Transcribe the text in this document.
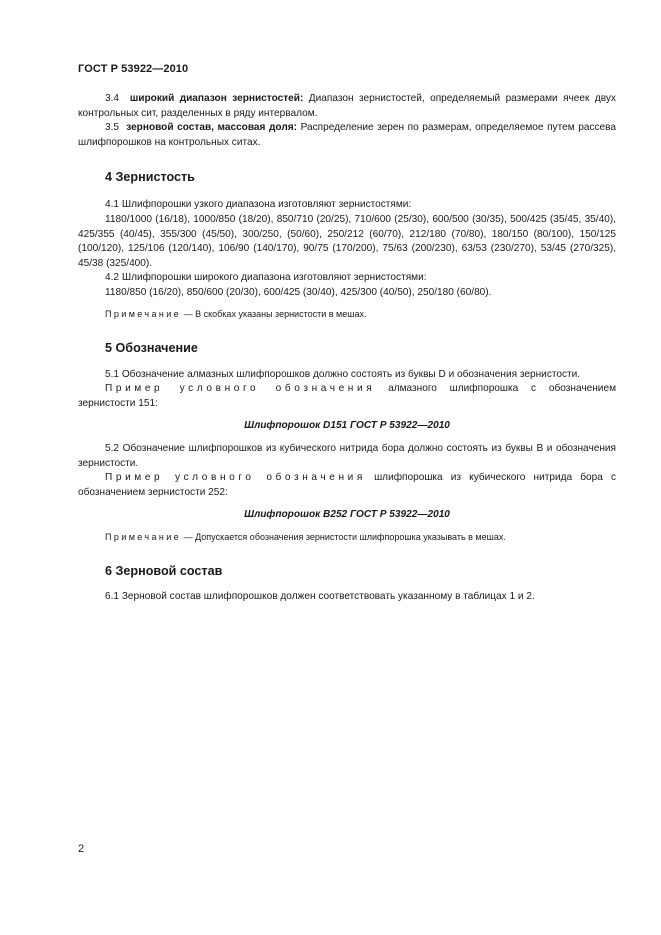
ГОСТ Р 53922—2010

3.4 широкий диапазон зернистостей: Диапазон зернистостей, определяемый размерами ячеек двух контрольных сит, разделенных в ряду интервалом.

3.5 зерновой состав, массовая доля: Распределение зерен по размерам, определяемое путем рассева шлифпорошков на контрольных ситах.

4 Зернистость

4.1 Шлифпорошки узкого диапазона изготовляют зернистостями:

1180/1000 (16/18), 1000/850 (18/20), 850/710 (20/25), 710/600 (25/30), 600/500 (30/35), 500/425 (35/45, 35/40), 425/355 (40/45), 355/300 (45/50), 300/250, (50/60), 250/212 (60/70), 212/180 (70/80), 180/150 (80/100), 150/125 (100/120), 125/106 (120/140), 106/90 (140/170), 90/75 (170/200), 75/63 (200/230), 63/53 (230/270), 53/45 (270/325), 45/38 (325/400).

4.2 Шлифпорошки широкого диапазона изготовляют зернистостями:

1180/850 (16/20), 850/600 (20/30), 600/425 (30/40), 425/300 (40/50), 250/180 (60/80).

Примечание — В скобках указаны зернистости в мешах.

5 Обозначение

5.1 Обозначение алмазных шлифпорошков должно состоять из буквы D и обозначения зернистости.

Пример условного обозначения алмазного шлифпорошка с обозначением зернистости 151:

Шлифпорошок D151 ГОСТ Р 53922—2010

5.2 Обозначение шлифпорошков из кубического нитрида бора должно состоять из буквы В и обозначения зернистости.

Пример условного обозначения шлифпорошка из кубического нитрида бора с обозначением зернистости 252:

Шлифпорошок В252 ГОСТ Р 53922—2010

Примечание — Допускается обозначения зернистости шлифпорошка указывать в мешах.

6 Зерновой состав

6.1 Зерновой состав шлифпорошков должен соответствовать указанному в таблицах 1 и 2.

2
